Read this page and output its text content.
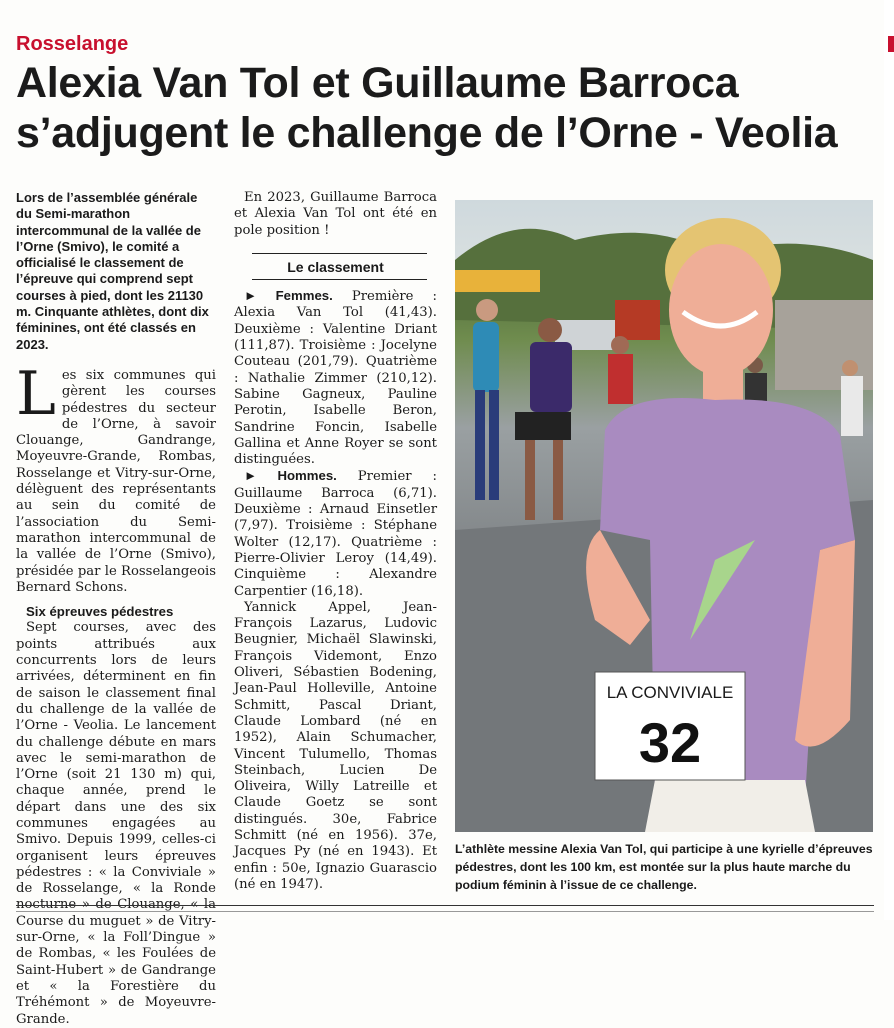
Rosselange
Alexia Van Tol et Guillaume Barroca
s’adjugent le challenge de l’Orne - Veolia

Lors de l’assemblée générale du Semi-marathon intercommunal de la vallée de l’Orne (Smivo), le comité a officialisé le classement de l’épreuve qui comprend sept courses à pied, dont les 21130 m. Cinquante athlètes, dont dix féminines, ont été classés en 2023.

Les six communes qui gèrent les courses pédestres du secteur de l’Orne, à savoir Clouange, Gandrange, Moyeuvre-Grande, Rombas, Rosselange et Vitry-sur-Orne, délèguent des représentants au sein du comité de l’association du Semi-marathon intercommunal de la vallée de l’Orne (Smivo), présidée par le Rosselangeois Bernard Schons.

Six épreuves pédestres

Sept courses, avec des points attribués aux concurrents lors de leurs arrivées, déterminent en fin de saison le classement final du challenge de la vallée de l’Orne - Veolia. Le lancement du challenge débute en mars avec le semi-marathon de l’Orne (soit 21 130 m) qui, chaque année, prend le départ dans une des six communes engagées au Smivo. Depuis 1999, celles-ci organisent leurs épreuves pédestres : « la Conviviale » de Rosselange, « la Ronde nocturne » de Clouange, « la Course du muguet » de Vitry-sur-Orne, « la Foll’Dingue » de Rombas, « les Foulées de Saint-Hubert » de Gandrange et « la Forestière du Tréhémont » de Moyeuvre-Grande.

En 2023, Guillaume Barroca et Alexia Van Tol ont été en pole position !

Le classement

► Femmes. Première : Alexia Van Tol (41,43). Deuxième : Valentine Driant (111,87). Troisième : Jocelyne Couteau (201,79). Quatrième : Nathalie Zimmer (210,12). Sabine Gagneux, Pauline Perotin, Isabelle Beron, Sandrine Foncin, Isabelle Gallina et Anne Royer se sont distinguées.

► Hommes. Premier : Guillaume Barroca (6,71). Deuxième : Arnaud Einsetler (7,97). Troisième : Stéphane Wolter (12,17). Quatrième : Pierre-Olivier Leroy (14,49). Cinquième : Alexandre Carpentier (16,18).

Yannick Appel, Jean-François Lazarus, Ludovic Beugnier, Michaël Slawinski, François Videmont, Enzo Oliveri, Sébastien Bodening, Jean-Paul Holleville, Antoine Schmitt, Pascal Driant, Claude Lombard (né en 1952), Alain Schumacher, Vincent Tulumello, Thomas Steinbach, Lucien De Oliveira, Willy Latreille et Claude Goetz se sont distingués. 30e, Fabrice Schmitt (né en 1956). 37e, Jacques Py (né en 1943). Et enfin : 50e, Ignazio Guarascio (né en 1947).

LA CONVIVIALE
32

L’athlète messine Alexia Van Tol, qui participe à une kyrielle d’épreuves pédestres, dont les 100 km, est montée sur la plus haute marche du podium féminin à l’issue de ce challenge.
